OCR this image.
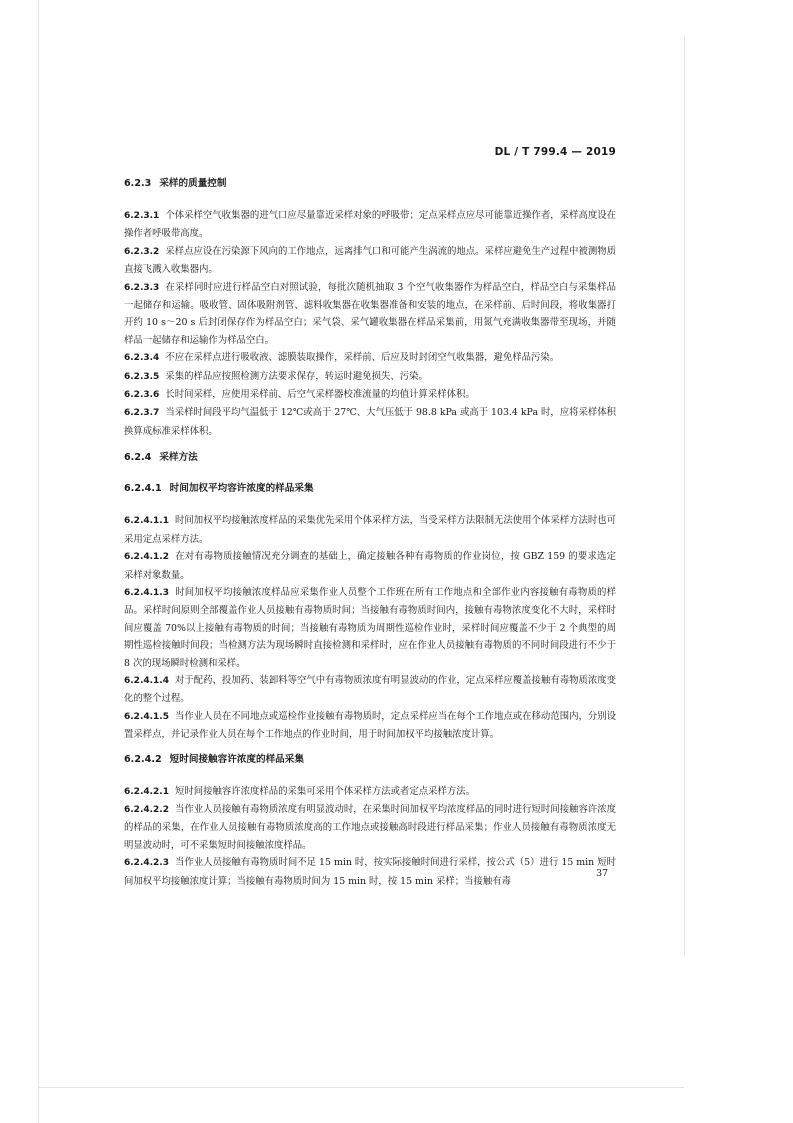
DL / T 799.4 — 2019
6.2.3 采样的质量控制
6.2.3.1 个体采样空气收集器的进气口应尽量靠近采样对象的呼吸带；定点采样点应尽可能靠近操作者，采样高度设在操作者呼吸带高度。
6.2.3.2 采样点应设在污染源下风向的工作地点，远离排气口和可能产生涡流的地点。采样应避免生产过程中被测物质直接飞溅入收集器内。
6.2.3.3 在采样同时应进行样品空白对照试验，每批次随机抽取 3 个空气收集器作为样品空白，样品空白与采集样品一起储存和运输。吸收管、固体吸附剂管、滤料收集器在收集器准备和安装的地点，在采样前、后时间段，将收集器打开约 10 s～20 s 后封闭保存作为样品空白；采气袋、采气罐收集器在样品采集前，用氮气充满收集器带至现场，并随样品一起储存和运输作为样品空白。
6.2.3.4 不应在采样点进行吸收液、滤膜装取操作，采样前、后应及时封闭空气收集器，避免样品污染。
6.2.3.5 采集的样品应按照检测方法要求保存，转运时避免损失、污染。
6.2.3.6 长时间采样，应使用采样前、后空气采样器校准流量的均值计算采样体积。
6.2.3.7 当采样时间段平均气温低于 12℃或高于 27℃、大气压低于 98.8 kPa 或高于 103.4 kPa 时，应将采样体积换算成标准采样体积。
6.2.4 采样方法
6.2.4.1 时间加权平均容许浓度的样品采集
6.2.4.1.1 时间加权平均接触浓度样品的采集优先采用个体采样方法，当受采样方法限制无法使用个体采样方法时也可采用定点采样方法。
6.2.4.1.2 在对有毒物质接触情况充分调查的基础上，确定接触各种有毒物质的作业岗位，按 GBZ 159 的要求选定采样对象数量。
6.2.4.1.3 时间加权平均接触浓度样品应采集作业人员整个工作班在所有工作地点和全部作业内容接触有毒物质的样品。采样时间原则全部覆盖作业人员接触有毒物质时间；当接触有毒物质时间内，接触有毒物浓度变化不大时，采样时间应覆盖 70%以上接触有毒物质的时间；当接触有毒物质为周期性巡检作业时，采样时间应覆盖不少于 2 个典型的周期性巡检接触时间段；当检测方法为现场瞬时直接检测和采样时，应在作业人员接触有毒物质的不同时间段进行不少于 8 次的现场瞬时检测和采样。
6.2.4.1.4 对于配药、投加药、装卸料等空气中有毒物质浓度有明显波动的作业，定点采样应覆盖接触有毒物质浓度变化的整个过程。
6.2.4.1.5 当作业人员在不同地点或巡检作业接触有毒物质时，定点采样应当在每个工作地点或在移动范围内，分别设置采样点，并记录作业人员在每个工作地点的作业时间，用于时间加权平均接触浓度计算。
6.2.4.2 短时间接触容许浓度的样品采集
6.2.4.2.1 短时间接触容许浓度样品的采集可采用个体采样方法或者定点采样方法。
6.2.4.2.2 当作业人员接触有毒物质浓度有明显波动时，在采集时间加权平均浓度样品的同时进行短时间接触容许浓度的样品的采集，在作业人员接触有毒物质浓度高的工作地点或接触高时段进行样品采集；作业人员接触有毒物质浓度无明显波动时，可不采集短时间接触浓度样品。
6.2.4.2.3 当作业人员接触有毒物质时间不足 15 min 时，按实际接触时间进行采样，按公式（5）进行 15 min 短时间加权平均接触浓度计算；当接触有毒物质时间为 15 min 时，按 15 min 采样；当接触有毒
37
